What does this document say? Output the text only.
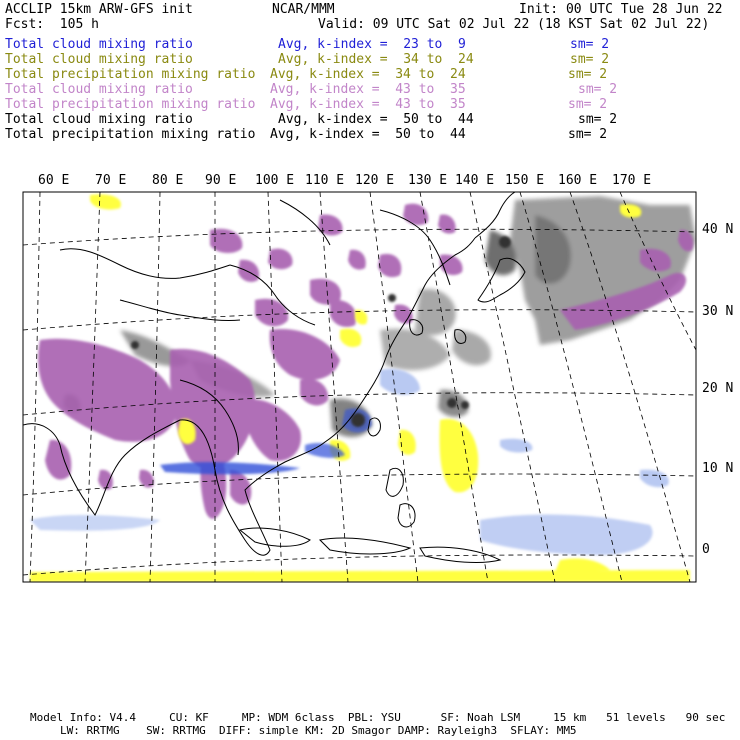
ACCLIP 15km ARW-GFS init	NCAR/MMM	Init: 00 UTC Tue 28 Jun 22
Fcst:  105 h	Valid: 09 UTC Sat 02 Jul 22 (18 KST Sat 02 Jul 22)
Total cloud mixing ratio	Avg, k-index =  23 to  9	sm= 2
Total cloud mixing ratio	Avg, k-index =  34 to  24	sm= 2
Total precipitation mixing ratio Avg, k-index =  34 to  24	sm= 2
Total cloud mixing ratio	Avg, k-index =  43 to  35	sm= 2
Total precipitation mixing ratio Avg, k-index =  43 to  35	sm= 2
Total cloud mixing ratio	Avg, k-index =  50 to  44	sm= 2
Total precipitation mixing ratio Avg, k-index =  50 to  44	sm= 2
60 E 70 E 80 E 90 E 100 E 110 E 120 E 130 E 140 E 150 E 160 E 170 E
40 N
30 N
20 N
10 N
0
Model Info: V4.4     CU: KF     MP: WDM 6class  PBL: YSU      SF: Noah LSM     15 km   51 levels   90 sec
LW: RRTMG    SW: RRTMG  DIFF: simple KM: 2D Smagor DAMP: Rayleigh3  SFLAY: MM5
